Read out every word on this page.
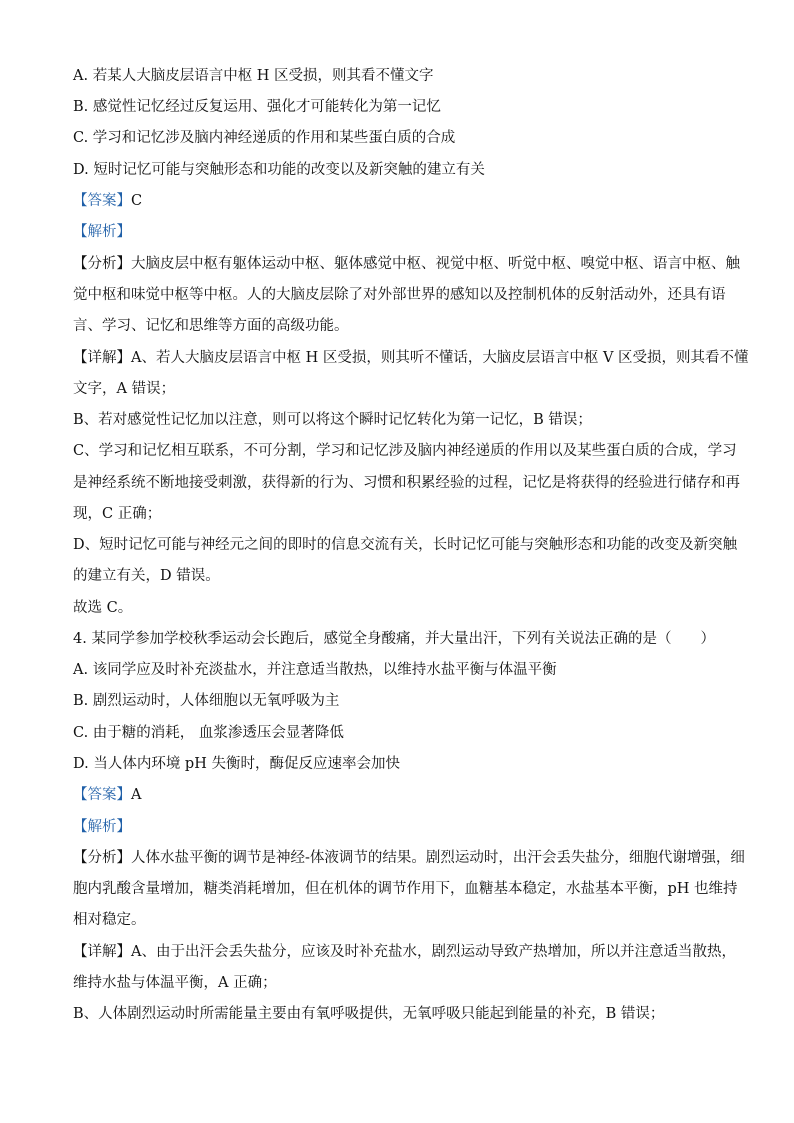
A. 若某人大脑皮层语言中枢 H 区受损，则其看不懂文字
B. 感觉性记忆经过反复运用、强化才可能转化为第一记忆
C. 学习和记忆涉及脑内神经递质的作用和某些蛋白质的合成
D. 短时记忆可能与突触形态和功能的改变以及新突触的建立有关
【答案】C
【解析】
【分析】大脑皮层中枢有躯体运动中枢、躯体感觉中枢、视觉中枢、听觉中枢、嗅觉中枢、语言中枢、触
觉中枢和味觉中枢等中枢。人的大脑皮层除了对外部世界的感知以及控制机体的反射活动外，还具有语
言、学习、记忆和思维等方面的高级功能。
【详解】A、若人大脑皮层语言中枢 H 区受损，则其听不懂话，大脑皮层语言中枢 V 区受损，则其看不懂
文字，A 错误；
B、若对感觉性记忆加以注意，则可以将这个瞬时记忆转化为第一记忆，B 错误；
C、学习和记忆相互联系，不可分割，学习和记忆涉及脑内神经递质的作用以及某些蛋白质的合成，学习
是神经系统不断地接受刺激，获得新的行为、习惯和积累经验的过程，记忆是将获得的经验进行储存和再
现，C 正确；
D、短时记忆可能与神经元之间的即时的信息交流有关，长时记忆可能与突触形态和功能的改变及新突触
的建立有关，D 错误。
故选 C。
4. 某同学参加学校秋季运动会长跑后，感觉全身酸痛，并大量出汗，下列有关说法正确的是（　　）
A. 该同学应及时补充淡盐水，并注意适当散热，以维持水盐平衡与体温平衡
B. 剧烈运动时，人体细胞以无氧呼吸为主
C. 由于糖的消耗， 血浆渗透压会显著降低
D. 当人体内环境 pH 失衡时，酶促反应速率会加快
【答案】A
【解析】
【分析】人体水盐平衡的调节是神经-体液调节的结果。剧烈运动时，出汗会丢失盐分，细胞代谢增强，细
胞内乳酸含量增加，糖类消耗增加，但在机体的调节作用下，血糖基本稳定，水盐基本平衡，pH 也维持
相对稳定。
【详解】A、由于出汗会丢失盐分，应该及时补充盐水，剧烈运动导致产热增加，所以并注意适当散热，
维持水盐与体温平衡，A 正确；
B、人体剧烈运动时所需能量主要由有氧呼吸提供，无氧呼吸只能起到能量的补充，B 错误；
